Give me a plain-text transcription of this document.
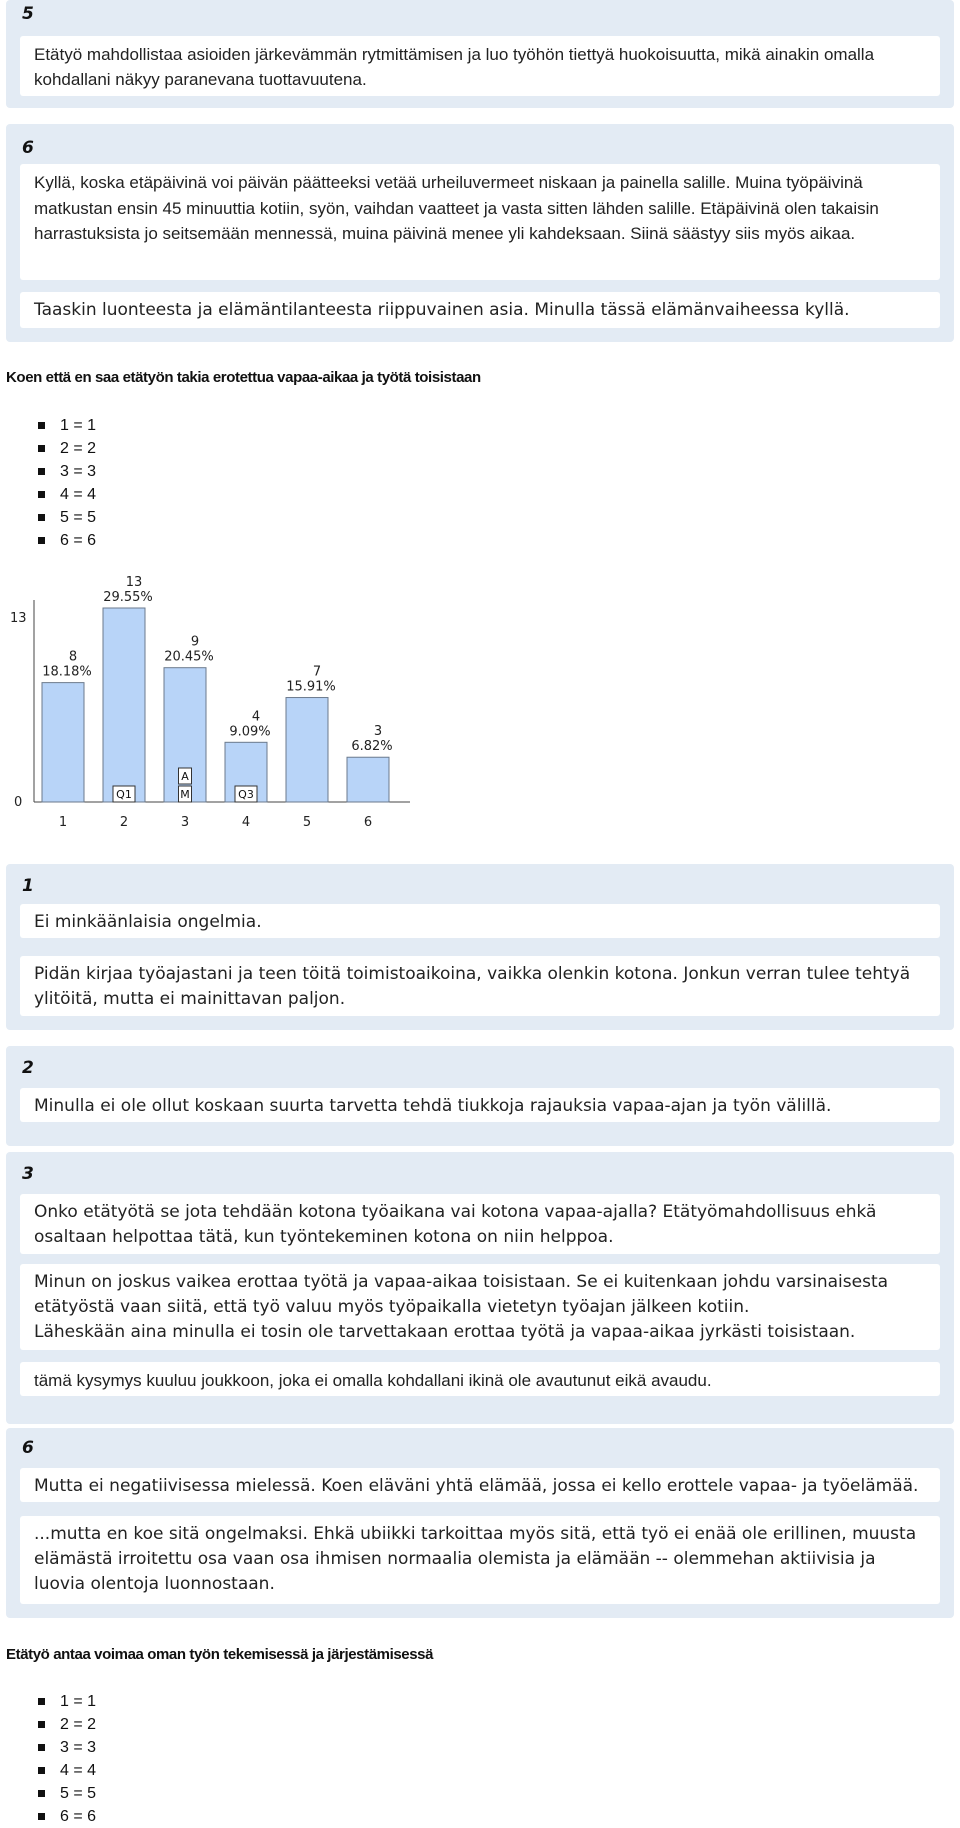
5
Etätyö mahdollistaa asioiden järkevämmän rytmittämisen ja luo työhön tiettyä huokoisuutta, mikä ainakin omalla kohdallani näkyy paranevana tuottavuutena.
6
Kyllä, koska etäpäivinä voi päivän päätteeksi vetää urheiluvermeet niskaan ja painella salille. Muina työpäivinä matkustan ensin 45 minuuttia kotiin, syön, vaihdan vaatteet ja vasta sitten lähden salille. Etäpäivinä olen takaisin harrastuksista jo seitsemään mennessä, muina päivinä menee yli kahdeksaan. Siinä säästyy siis myös aikaa.
Taaskin luonteesta ja elämäntilanteesta riippuvainen asia. Minulla tässä elämänvaiheessa kyllä.
Koen että en saa etätyön takia erotettua vapaa-aikaa ja työtä toisistaan
1 = 1
2 = 2
3 = 3
4 = 4
5 = 5
6 = 6
0
13
8
18.18%
1
13
29.55%
2
9
20.45%
3
4
9.09%
4
7
15.91%
5
3
6.82%
6
Q1	M
A
Q3
1
Ei minkäänlaisia ongelmia.
Pidän kirjaa työajastani ja teen töitä toimistoaikoina, vaikka olenkin kotona. Jonkun verran tulee tehtyä ylitöitä, mutta ei mainittavan paljon.
2
Minulla ei ole ollut koskaan suurta tarvetta tehdä tiukkoja rajauksia vapaa-ajan ja työn välillä.
3
Onko etätyötä se jota tehdään kotona työaikana vai kotona vapaa-ajalla? Etätyömahdollisuus ehkä osaltaan helpottaa tätä, kun työntekeminen kotona on niin helppoa.
Minun on joskus vaikea erottaa työtä ja vapaa-aikaa toisistaan. Se ei kuitenkaan johdu varsinaisesta etätyöstä vaan siitä, että työ valuu myös työpaikalla vietetyn työajan jälkeen kotiin.
Läheskään aina minulla ei tosin ole tarvettakaan erottaa työtä ja vapaa-aikaa jyrkästi toisistaan.
tämä kysymys kuuluu joukkoon, joka ei omalla kohdallani ikinä ole avautunut eikä avaudu.
6
Mutta ei negatiivisessa mielessä. Koen eläväni yhtä elämää, jossa ei kello erottele vapaa- ja työelämää.
...mutta en koe sitä ongelmaksi. Ehkä ubiikki tarkoittaa myös sitä, että työ ei enää ole erillinen, muusta elämästä irroitettu osa vaan osa ihmisen normaalia olemista ja elämään -- olemmehan aktiivisia ja luovia olentoja luonnostaan.
Etätyö antaa voimaa oman työn tekemisessä ja järjestämisessä
1 = 1
2 = 2
3 = 3
4 = 4
5 = 5
6 = 6
